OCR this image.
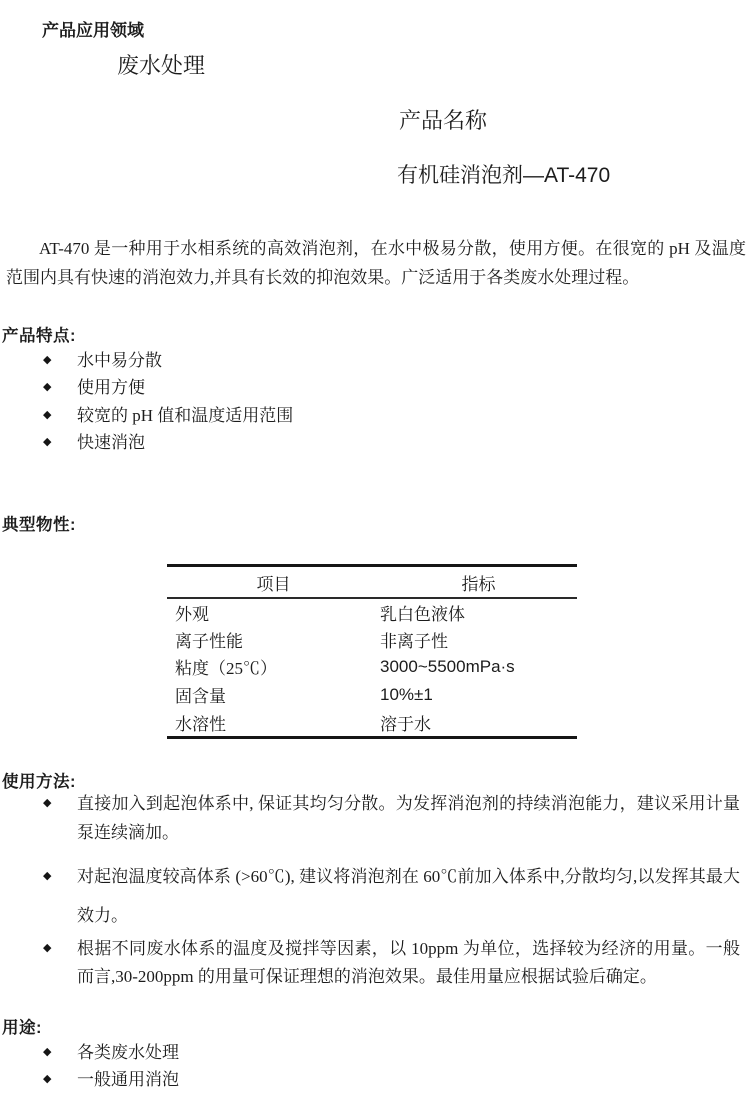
产品应用领域
废水处理
产品名称
有机硅消泡剂—AT-470

AT-470 是一种用于水相系统的高效消泡剂，在水中极易分散，使用方便。在很宽的 pH 及温度范围内具有快速的消泡效力,并具有长效的抑泡效果。广泛适用于各类废水处理过程。

产品特点:
◆ 水中易分散
◆ 使用方便
◆ 较宽的 pH 值和温度适用范围
◆ 快速消泡
典型物性:
项目	指标
外观	乳白色液体
离子性能	非离子性
粘度（25℃）	3000~5500mPa·s
固含量	10%±1
水溶性	溶于水
使用方法:
◆ 直接加入到起泡体系中, 保证其均匀分散。为发挥消泡剂的持续消泡能力，建议采用计量泵连续滴加。
◆ 对起泡温度较高体系 (>60℃), 建议将消泡剂在 60℃前加入体系中,分散均匀,以发挥其最大效力。
◆ 根据不同废水体系的温度及搅拌等因素，以 10ppm 为单位，选择较为经济的用量。一般而言,30-200ppm 的用量可保证理想的消泡效果。最佳用量应根据试验后确定。
用途:
◆ 各类废水处理
◆ 一般通用消泡
